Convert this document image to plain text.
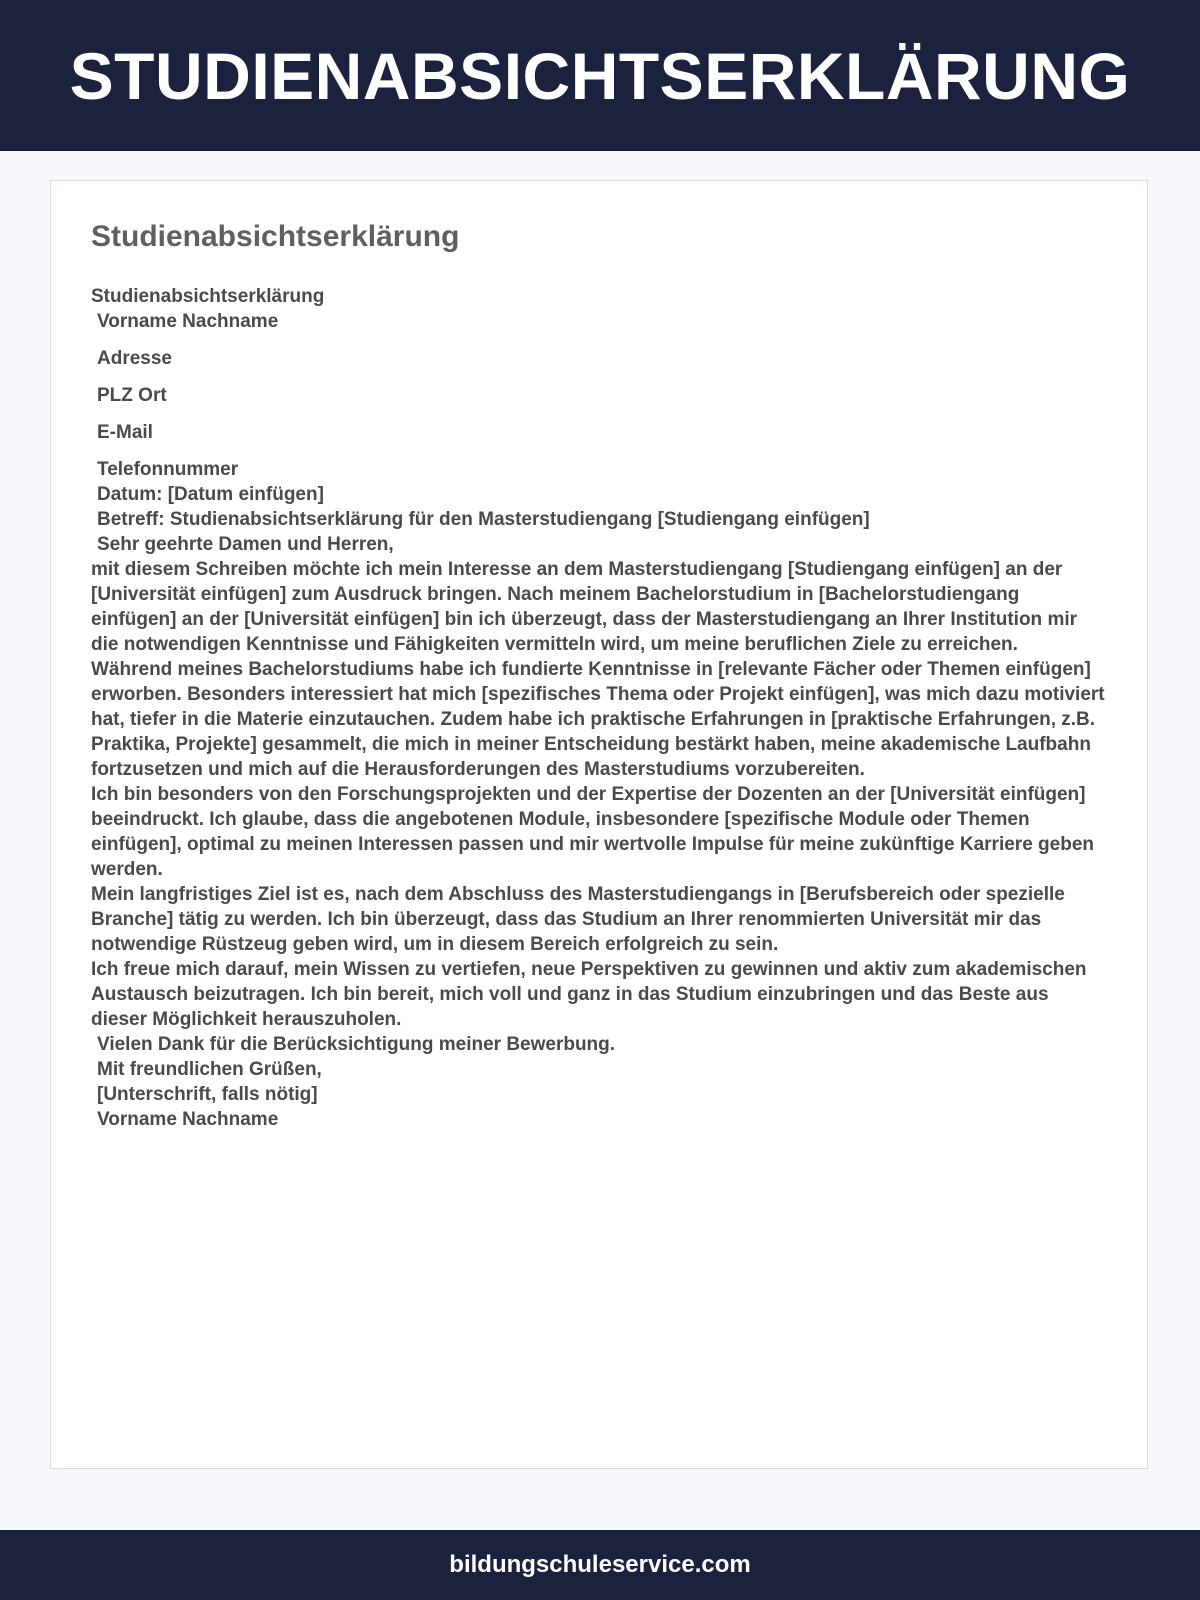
STUDIENABSICHTSERKLÄRUNG
Studienabsichtserklärung

Studienabsichtserklärung

Vorname Nachname

Adresse

PLZ Ort

E-Mail

Telefonnummer

Datum: [Datum einfügen]

Betreff: Studienabsichtserklärung für den Masterstudiengang [Studiengang einfügen]

Sehr geehrte Damen und Herren,

mit diesem Schreiben möchte ich mein Interesse an dem Masterstudiengang [Studiengang einfügen] an der [Universität einfügen] zum Ausdruck bringen. Nach meinem Bachelorstudium in [Bachelorstudiengang einfügen] an der [Universität einfügen] bin ich überzeugt, dass der Masterstudiengang an Ihrer Institution mir die notwendigen Kenntnisse und Fähigkeiten vermitteln wird, um meine beruflichen Ziele zu erreichen.

Während meines Bachelorstudiums habe ich fundierte Kenntnisse in [relevante Fächer oder Themen einfügen] erworben. Besonders interessiert hat mich [spezifisches Thema oder Projekt einfügen], was mich dazu motiviert hat, tiefer in die Materie einzutauchen. Zudem habe ich praktische Erfahrungen in [praktische Erfahrungen, z.B. Praktika, Projekte] gesammelt, die mich in meiner Entscheidung bestärkt haben, meine akademische Laufbahn fortzusetzen und mich auf die Herausforderungen des Masterstudiums vorzubereiten.

Ich bin besonders von den Forschungsprojekten und der Expertise der Dozenten an der [Universität einfügen] beeindruckt. Ich glaube, dass die angebotenen Module, insbesondere [spezifische Module oder Themen einfügen], optimal zu meinen Interessen passen und mir wertvolle Impulse für meine zukünftige Karriere geben werden.

Mein langfristiges Ziel ist es, nach dem Abschluss des Masterstudiengangs in [Berufsbereich oder spezielle Branche] tätig zu werden. Ich bin überzeugt, dass das Studium an Ihrer renommierten Universität mir das notwendige Rüstzeug geben wird, um in diesem Bereich erfolgreich zu sein.

Ich freue mich darauf, mein Wissen zu vertiefen, neue Perspektiven zu gewinnen und aktiv zum akademischen Austausch beizutragen. Ich bin bereit, mich voll und ganz in das Studium einzubringen und das Beste aus dieser Möglichkeit herauszuholen.

Vielen Dank für die Berücksichtigung meiner Bewerbung.

Mit freundlichen Grüßen,

[Unterschrift, falls nötig]

Vorname Nachname

bildungschuleservice.com
